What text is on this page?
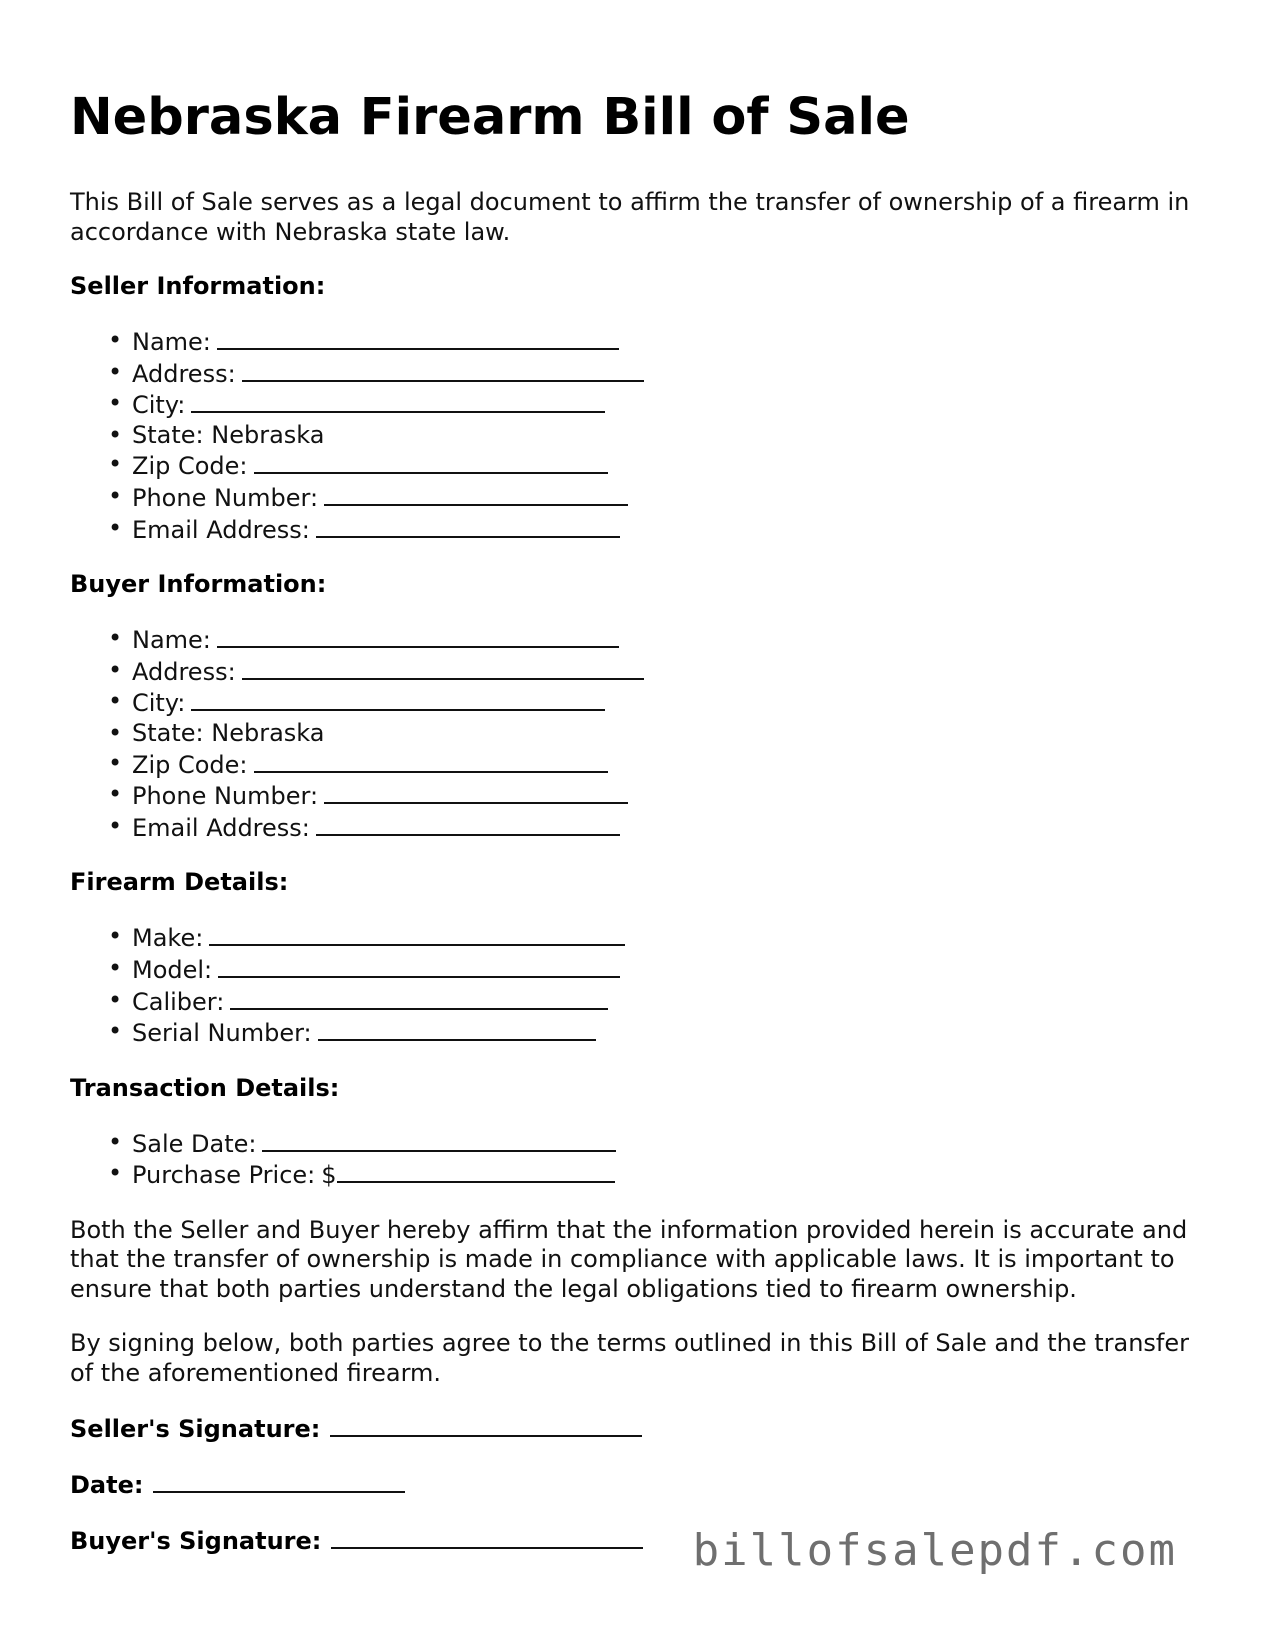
Nebraska Firearm Bill of Sale

This Bill of Sale serves as a legal document to affirm the transfer of ownership of a firearm in accordance with Nebraska state law.

Seller Information:
• Name:
• Address:
• City:
• State: Nebraska
• Zip Code:
• Phone Number:
• Email Address:
Buyer Information:
• Name:
• Address:
• City:
• State: Nebraska
• Zip Code:
• Phone Number:
• Email Address:
Firearm Details:
• Make:
• Model:
• Caliber:
• Serial Number:
Transaction Details:
• Sale Date:
• Purchase Price: $

Both the Seller and Buyer hereby affirm that the information provided herein is accurate and that the transfer of ownership is made in compliance with applicable laws. It is important to ensure that both parties understand the legal obligations tied to firearm ownership.

By signing below, both parties agree to the terms outlined in this Bill of Sale and the transfer of the aforementioned firearm.

Seller's Signature:
Date:
Buyer's Signature:	billofsalepdf.com
